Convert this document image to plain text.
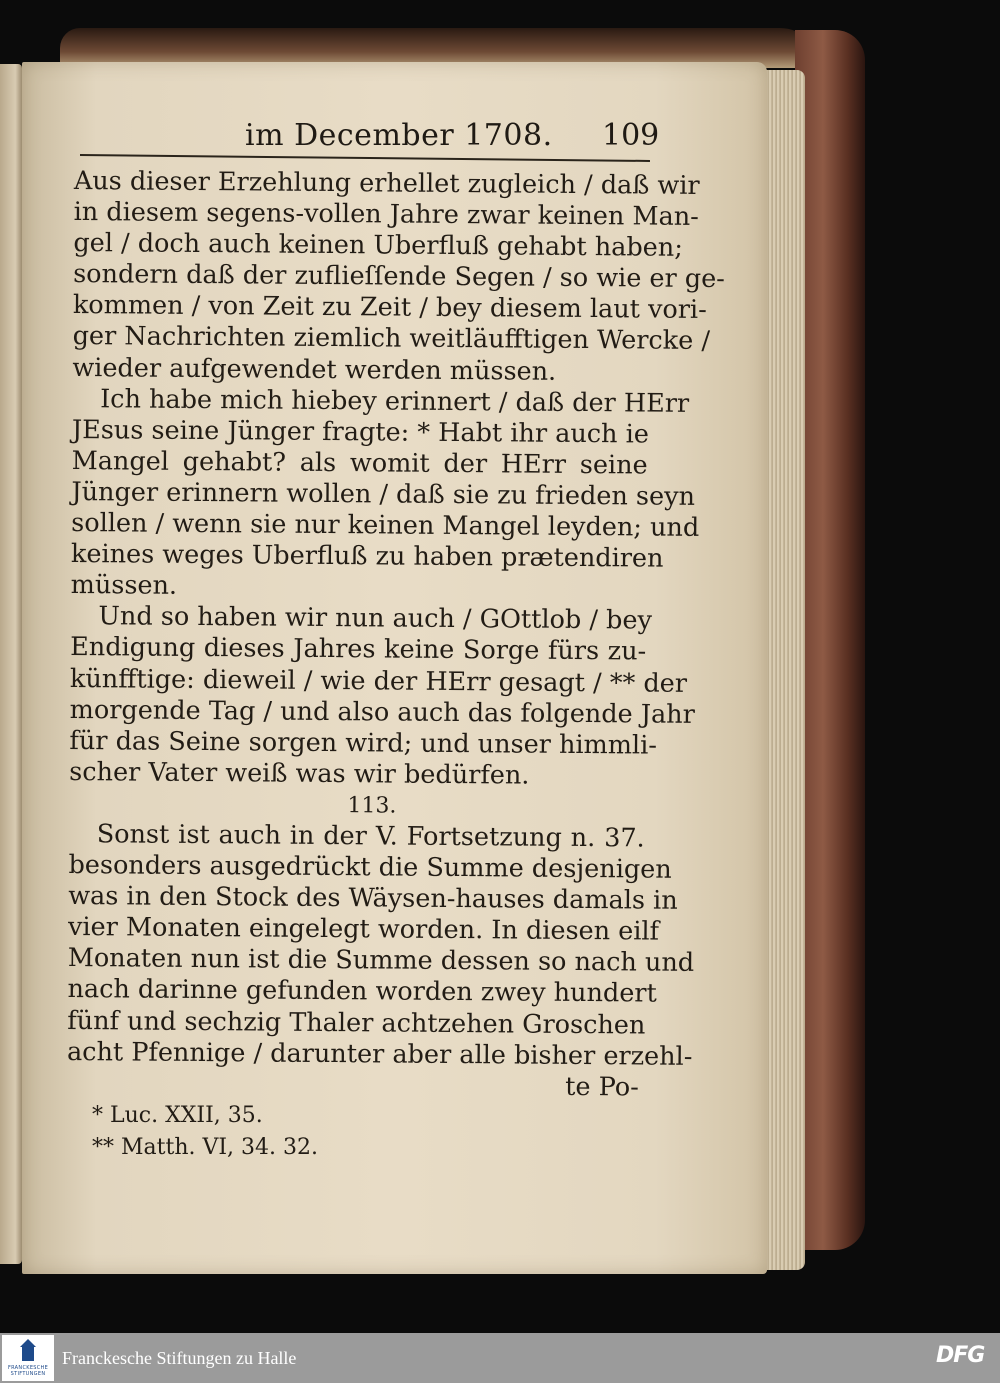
im December 1708. 109
Aus dieser Erzehlung erhellet zugleich / daß wir
in diesem segens-vollen Jahre zwar keinen Man-
gel / doch auch keinen Uberfluß gehabt haben;
sondern daß der zuflieſſende Segen / so wie er ge-
kommen / von Zeit zu Zeit / bey diesem laut vori-
ger Nachrichten ziemlich weitläufftigen Wercke /
wieder aufgewendet werden müssen.
Ich habe mich hiebey erinnert / daß der HErr
JEsus seine Jünger fragte: * Habt ihr auch ie
Mangel gehabt? als womit der HErr seine
Jünger erinnern wollen / daß sie zu frieden seyn
sollen / wenn sie nur keinen Mangel leyden; und
keines weges Uberfluß zu haben prætendiren
müssen.
Und so haben wir nun auch / GOttlob / bey
Endigung dieses Jahres keine Sorge fürs zu-
künfftige: dieweil / wie der HErr gesagt / ** der
morgende Tag / und also auch das folgende Jahr
für das Seine sorgen wird; und unser himmli-
scher Vater weiß was wir bedürfen.
113.
Sonst ist auch in der V. Fortsetzung n. 37.
besonders ausgedrückt die Summe desjenigen
was in den Stock des Wäysen-hauses damals in
vier Monaten eingelegt worden. In diesen eilf
Monaten nun ist die Summe dessen so nach und
nach darinne gefunden worden zwey hundert
fünf und sechzig Thaler achtzehen Groschen
acht Pfennige / darunter aber alle bisher erzehl-
te Po-
* Luc. XXII, 35.
** Matth. VI, 34. 32.
FRANCKESCHE STIFTUNGEN
Franckesche Stiftungen zu Halle	DFG
